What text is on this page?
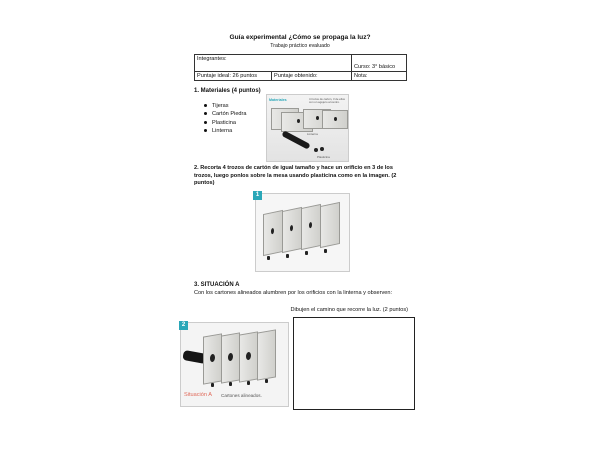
Guía experimental ¿Cómo se propaga la luz?
Trabajo práctico evaluado
Integrantes:		Curso: 3° básico
Puntaje ideal: 26 puntos	Puntaje obtenido:	Nota:
1. Materiales (4 puntos)
Tijeras
Cartón Piedra
Plasticina
Linterna
Materiales	4 trozos de cartón, 3 de ellos con un agujero al centro.
Linterna
Plasticina
2. Recorta 4 trozos de cartón de igual tamaño y hace un orificio en 3 de los trozos, luego ponlos sobre la mesa usando plasticina como en la imagen. (2 puntos)
1
3. SITUACIÓN A
Con los cartones alineados alumbren por los orificios con la linterna y observen:
Dibujen el camino que recorre la luz. (2 puntos)
2
Situación A Cartones alineados.
